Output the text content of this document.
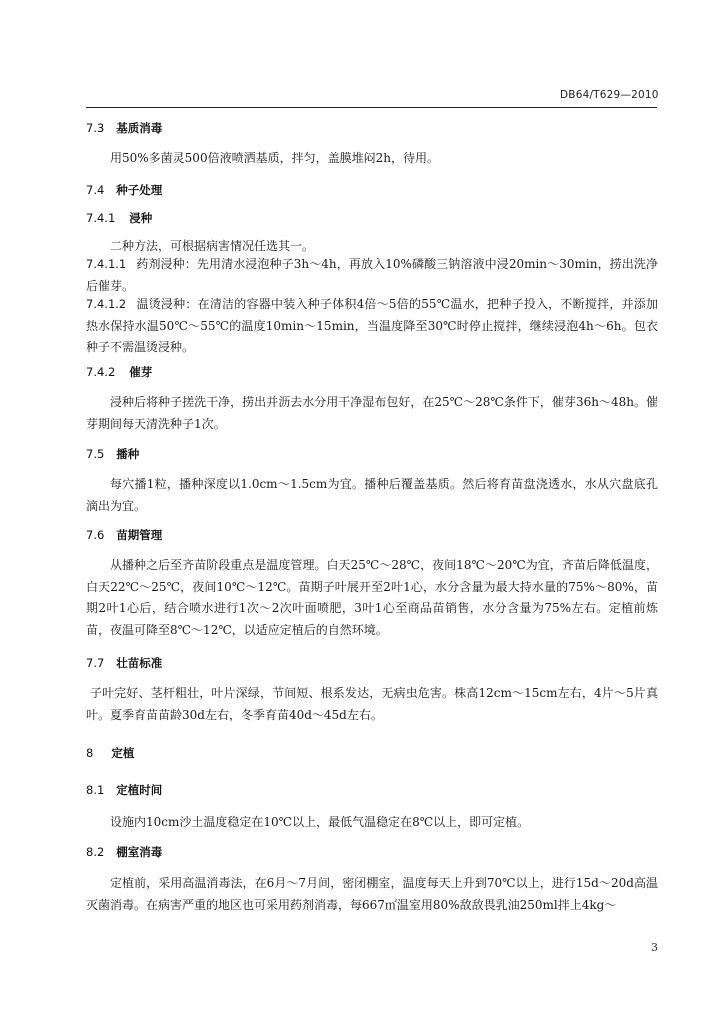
DB64/T629—2010
7.3 基质消毒
用50%多菌灵500倍液喷洒基质，拌匀，盖膜堆闷2h，待用。
7.4 种子处理
7.4.1 浸种
二种方法，可根据病害情况任选其一。
7.4.1.1 药剂浸种：先用清水浸泡种子3h～4h，再放入10%磷酸三钠溶液中浸20min～30min，捞出洗净后催芽。
7.4.1.2 温烫浸种：在清洁的容器中装入种子体积4倍～5倍的55℃温水，把种子投入，不断搅拌，并添加热水保持水温50℃～55℃的温度10min～15min，当温度降至30℃时停止搅拌，继续浸泡4h～6h。包衣种子不需温烫浸种。
7.4.2 催芽
浸种后将种子搓洗干净，捞出并沥去水分用干净湿布包好，在25℃～28℃条件下，催芽36h～48h。催芽期间每天清洗种子1次。
7.5 播种
每穴播1粒，播种深度以1.0cm～1.5cm为宜。播种后覆盖基质。然后将育苗盘浇透水，水从穴盘底孔滴出为宜。
7.6 苗期管理
从播种之后至齐苗阶段重点是温度管理。白天25℃～28℃，夜间18℃～20℃为宜，齐苗后降低温度，白天22℃～25℃，夜间10℃～12℃。苗期子叶展开至2叶1心，水分含量为最大持水量的75%～80%，苗期2叶1心后，结合喷水进行1次～2次叶面喷肥，3叶1心至商品苗销售，水分含量为75%左右。定植前炼苗，夜温可降至8℃～12℃，以适应定植后的自然环境。
7.7 壮苗标准
子叶完好、茎杆粗壮，叶片深绿，节间短、根系发达，无病虫危害。株高12cm～15cm左右，4片～5片真叶。夏季育苗苗龄30d左右，冬季育苗40d～45d左右。
8 定植
8.1 定植时间
设施内10cm沙土温度稳定在10℃以上，最低气温稳定在8℃以上，即可定植。
8.2 棚室消毒
定植前，采用高温消毒法，在6月～7月间，密闭棚室，温度每天上升到70℃以上，进行15d～20d高温灭菌消毒。在病害严重的地区也可采用药剂消毒，每667㎡温室用80%敌敌畏乳油250ml拌上4kg～
3
